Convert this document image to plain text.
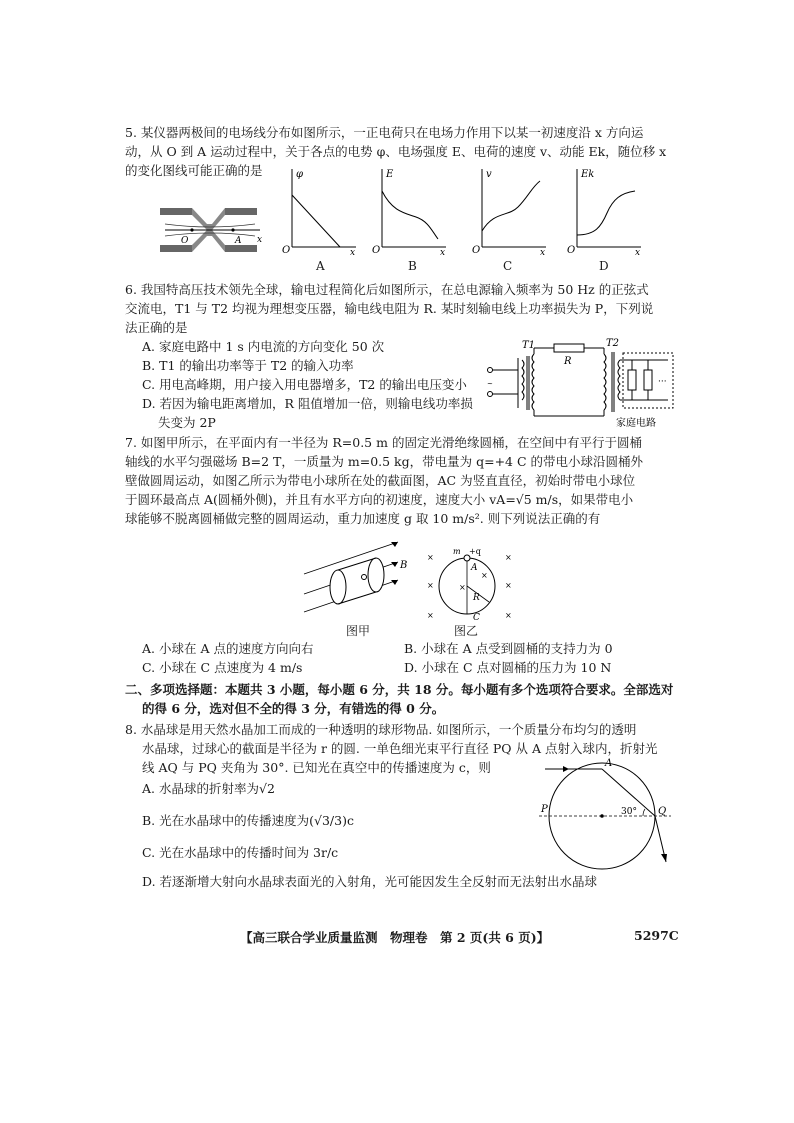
5. 某仪器两极间的电场线分布如图所示，一正电荷只在电场力作用下以某一初速度沿 x 方向运
动，从 O 到 A 运动过程中，关于各点的电势 φ、电场强度 E、电荷的速度 v、动能 Ek，随位移 x
的变化图线可能正确的是
O	A x
φ
x
O
A
E
x
O
B
v
x
O
C
Ek
x
O
D
6. 我国特高压技术领先全球，输电过程简化后如图所示，在总电源输入频率为 50 Hz 的正弦式
交流电，T1 与 T2 均视为理想变压器，输电线电阻为 R. 某时刻输电线上功率损失为 P，下列说
法正确的是
A. 家庭电路中 1 s 内电流的方向变化 50 次
B. T1 的输出功率等于 T2 的输入功率
C. 用电高峰期，用户接入用电器增多，T2 的输出电压变小
D. 若因为输电距离增加，R 阻值增加一倍，则输电线功率损
失变为 2P
~
T1
R
T2
···
家庭电路
7. 如图甲所示，在平面内有一半径为 R=0.5 m 的固定光滑绝缘圆桶，在空间中有平行于圆桶
轴线的水平匀强磁场 B=2 T，一质量为 m=0.5 kg，带电量为 q=+4 C 的带电小球沿圆桶外
壁做圆周运动，如图乙所示为带电小球所在处的截面图，AC 为竖直直径，初始时带电小球位
于圆环最高点 A(圆桶外侧)，并且有水平方向的初速度，速度大小 vA=√5 m/s，如果带电小
球能够不脱离圆桶做完整的圆周运动，重力加速度 g 取 10 m/s². 则下列说法正确的有
B
图甲
×	×
×	×
×	×
×
×
m +q
A
C
R
图乙
A. 小球在 A 点的速度方向向右	B. 小球在 A 点受到圆桶的支持力为 0
C. 小球在 C 点速度为 4 m/s	D. 小球在 C 点对圆桶的压力为 10 N
二、多项选择题：本题共 3 小题，每小题 6 分，共 18 分。每小题有多个选项符合要求。全部选对
的得 6 分，选对但不全的得 3 分，有错选的得 0 分。
8. 水晶球是用天然水晶加工而成的一种透明的球形物品. 如图所示，一个质量分布均匀的透明
水晶球，过球心的截面是半径为 r 的圆. 一单色细光束平行直径 PQ 从 A 点射入球内，折射光
线 AQ 与 PQ 夹角为 30°. 已知光在真空中的传播速度为 c，则
A. 水晶球的折射率为√2
B. 光在水晶球中的传播速度为(√3/3)c
C. 光在水晶球中的传播时间为 3r/c
D. 若逐渐增大射向水晶球表面光的入射角，光可能因发生全反射而无法射出水晶球
A
P	Q
30°
【高三联合学业质量监测　物理卷　第 2 页(共 6 页)】	5297C
